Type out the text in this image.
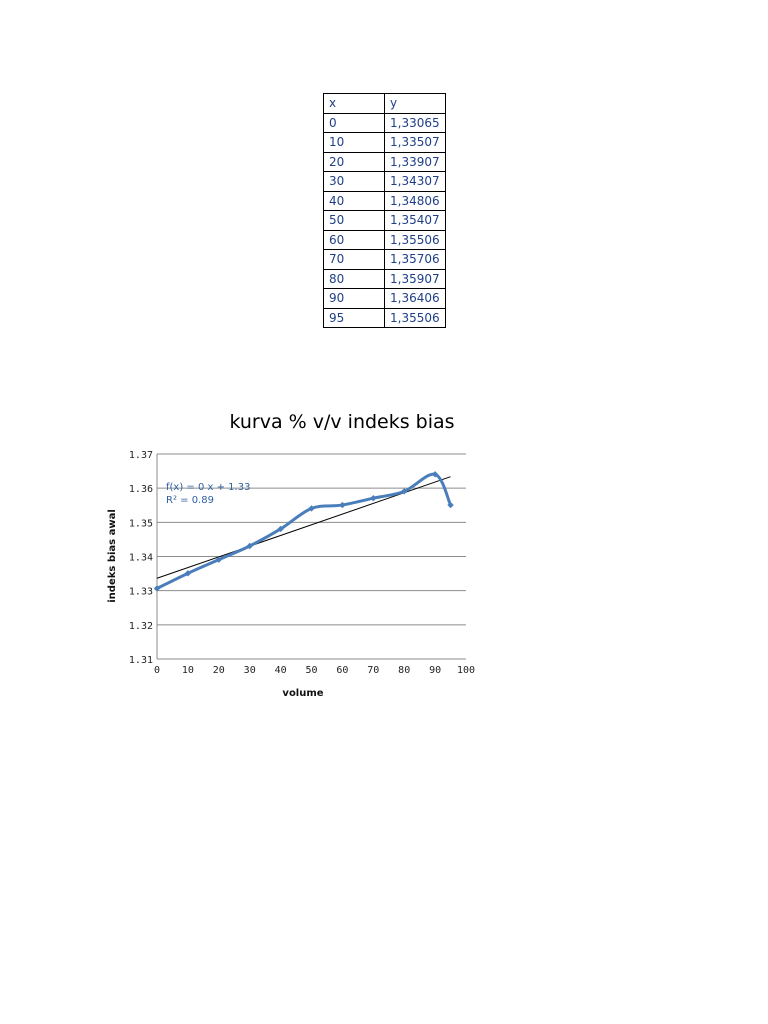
x	y
0	1,33065
10	1,33507
20	1,33907
30	1,34307
40	1,34806
50	1,35407
60	1,35506
70	1,35706
80	1,35907
90	1,36406
95	1,35506
kurva % v/v indeks bias
1.31
1.32
1.33
1.34
1.35
1.36
1.37
0 10 20 30 40 50 60 70 80 90 100
f(x) = 0 x + 1.33
R² = 0.89
volume
indeks bias awal
